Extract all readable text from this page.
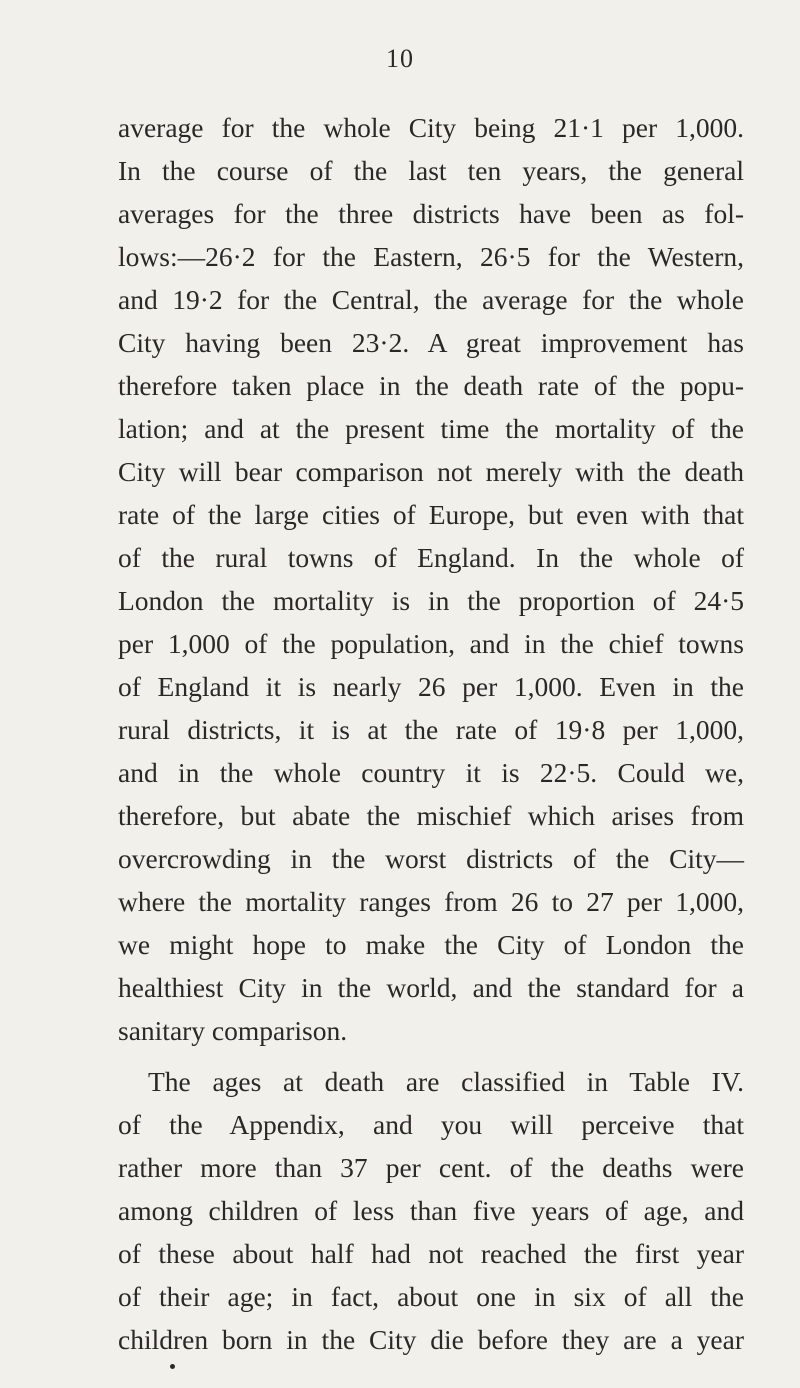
10
average for the whole City being 21·1 per 1,000.
In the course of the last ten years, the general
averages for the three districts have been as fol-
lows:—26·2 for the Eastern, 26·5 for the Western,
and 19·2 for the Central, the average for the whole
City having been 23·2. A great improvement has
therefore taken place in the death rate of the popu-
lation; and at the present time the mortality of the
City will bear comparison not merely with the death
rate of the large cities of Europe, but even with that
of the rural towns of England. In the whole of
London the mortality is in the proportion of 24·5
per 1,000 of the population, and in the chief towns
of England it is nearly 26 per 1,000. Even in the
rural districts, it is at the rate of 19·8 per 1,000,
and in the whole country it is 22·5. Could we,
therefore, but abate the mischief which arises from
overcrowding in the worst districts of the City—
where the mortality ranges from 26 to 27 per 1,000,
we might hope to make the City of London the
healthiest City in the world, and the standard for a
sanitary comparison.
The ages at death are classified in Table IV.
of the Appendix, and you will perceive that
rather more than 37 per cent. of the deaths were
among children of less than five years of age, and
of these about half had not reached the first year
of their age; in fact, about one in six of all the
children born in the City die before they are a year
